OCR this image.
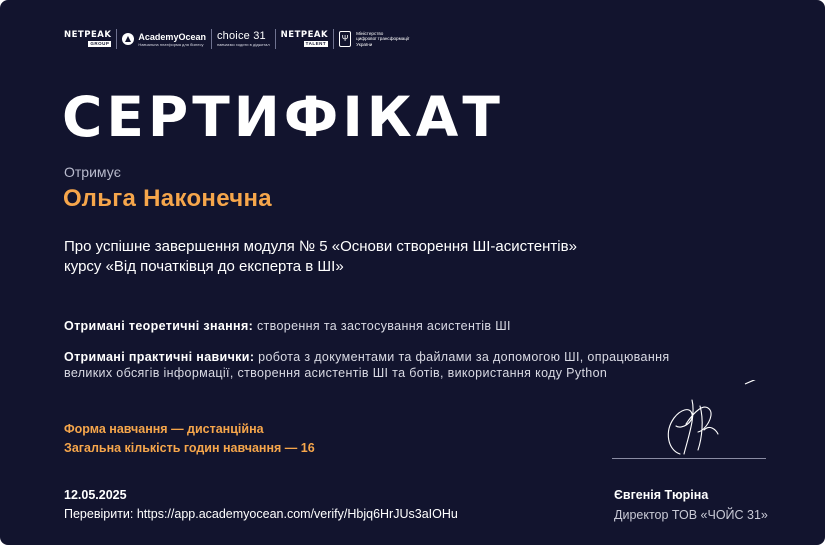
NETPEAK
GROUP
AcademyOcean
Навчальна платформа для бізнесу
choice 31
навчаємо ходити в діджитал
NETPEAK
TALENT
Ψ
Міністерство
цифрової трансформації
України
СЕРТИФІКАТ
Отримує
Ольга Наконечна
Про успішне завершення модуля № 5 «Основи створення ШІ-асистентів»
курсу «Від початківця до експерта в ШІ»
Отримані теоретичні знання: створення та застосування асистентів ШІ
Отримані практичні навички: робота з документами та файлами за допомогою ШІ, опрацювання великих обсягів інформації, створення асистентів ШІ та ботів, використання коду Python
Форма навчання — дистанційна
Загальна кількість годин навчання — 16
12.05.2025
Перевірити: https://app.academyocean.com/verify/Hbjq6HrJUs3aIOHu
Євгенія Тюріна
Директор ТОВ «ЧОЙС 31»
